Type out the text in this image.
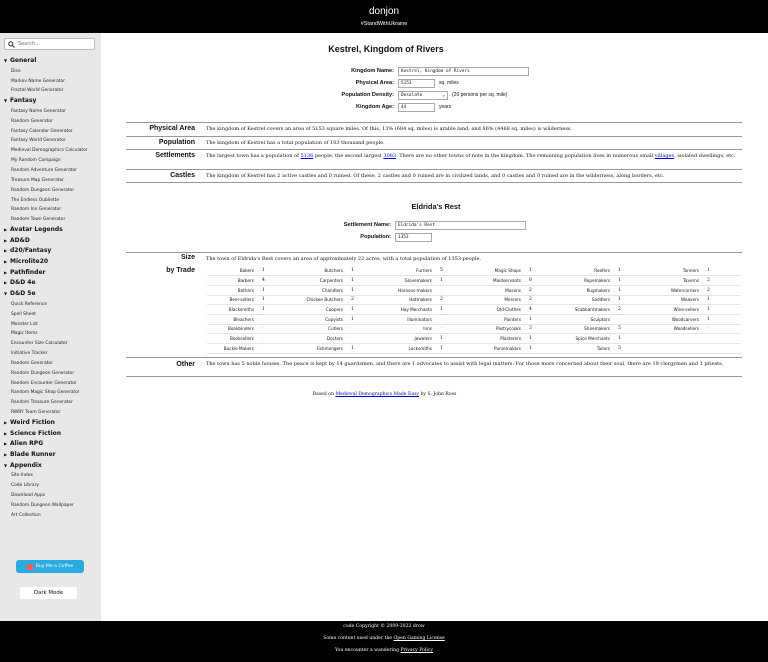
donjon
#StandWithUkraine
Search...
▼ General
Dice
Markov Name Generator
Fractal World Generator
▼ Fantasy
Fantasy Name Generator
Random Generator
Fantasy Calendar Generator
Fantasy World Generator
Medieval Demographics Calculator
My Random Campaign
Random Adventure Generator
Treasure Map Generator
Random Dungeon Generator
The Endless Oubliette
Random Inn Generator
Random Town Generator
▶ Avatar Legends
▶ AD&D
▶ d20/Fantasy
▶ Microlite20
▶ Pathfinder
▶ D&D 4e
▼ D&D 5e
Quick Reference
Spell Sheet
Monster List
Magic Items
Encounter Size Calculator
Initiative Tracker
Random Generator
Random Dungeon Generator
Random Encounter Generator
Random Magic Shop Generator
Random Treasure Generator
RWBY Team Generator
▶ Weird Fiction
▶ Science Fiction
▶ Alien RPG
▶ Blade Runner
▼ Appendix
Site Index
Code Library
Download Apps
Random Dungeon Wallpaper
Art Collection
Buy Me a Coffee
Dark Mode
Kestrel, Kingdom of Rivers
Kingdom Name:	Kestrel, Kingdom of Rivers
Physical Area:	5153	sq. miles
Population Density:	Desolate	⌄ (20 persons per sq. mile)
Kingdom Age:	44	years
Physical Area The kingdom of Kestrel covers an area of 5153 square miles. Of this, 13% (684 sq. miles) is arable land, and 86% (4468 sq. miles) is wilderness.
Population The kingdom of Kestrel has a total population of 103 thousand people.
Settlements The largest town has a population of 5136 people, the second largest 3083. There are no other towns of note in the kingdom. The remaining population lives in numerous small villages, isolated dwellings, etc.
Castles The kingdom of Kestrel has 2 active castles and 0 ruined. Of these, 2 castles and 0 ruined are in civilized lands, and 0 castles and 0 ruined are in the wilderness, along borders, etc.
Eldrida's Rest
Settlement Name:	Eldrida's Rest
Population:	1353
Size The town of Eldrida's Rest covers an area of approximately 22 acres, with a total population of 1353 people.
by Trade	Bakers	1	Butchers	1	Furriers	5	Magic Shops	1	Roofers	1	Tanners	1
Barbers	4	Carpenters	1	Glovemakers	1	Maidservants	8	Ropemakers	1	Taverns	2
Bathers	1	Chandlers	1	Harness-makers	-	Masons	2	Rugmakers	1	Watercarriers	2
Beer-sellers	1	Chicken Butchers	2	Hatmakers	2	Mercers	2	Saddlers	1	Weavers	1
Blacksmiths	1	Coopers	1	Hay Merchants	1	Old-Clothes	4	Scabbardmakers	2	Wine-sellers	1
Bleachers	-	Copyists	1	Illuminators	-	Painters	1	Sculptors	-	Woodcarvers	1
Bookbinders	-	Cutlers	-	Inns	-	Pastrycooks	3	Shoemakers	5	Woodsellers	-
Booksellers	-	Doctors	-	Jewelers	1	Plasterers	1	Spice Merchants	1		
Buckle Makers	-	Fishmongers	1	Locksmiths	1	Pursemakers	1	Tailors	3		
Other The town has 5 noble houses. The peace is kept by 14 guardsmen, and there are 1 advocates to assist with legal matters. For those more concerned about their soul, there are 19 clergymen and 1 priests.
Based on Medieval Demographics Made Easy by S. John Ross
code Copyright © 2009-2022 drow
Some content used under the Open Gaming License
You encounter a wandering Privacy Policy
